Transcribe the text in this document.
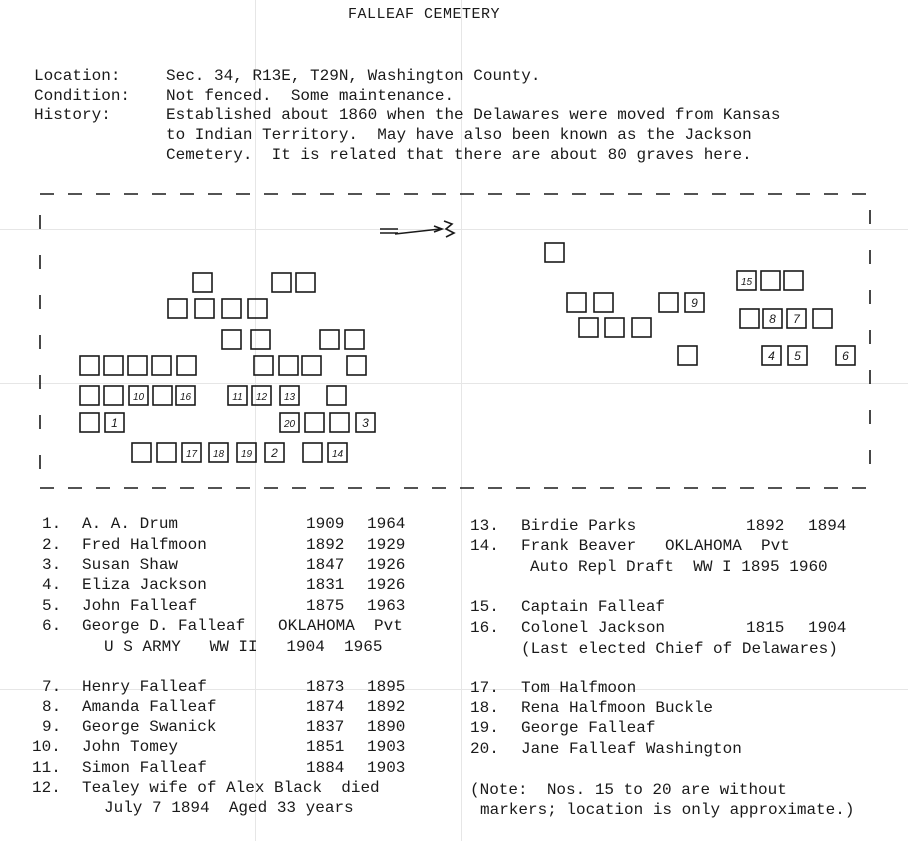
FALLEAF CEMETERY
Location:	Sec. 34, R13E, T29N, Washington County.
Condition: Not fenced.  Some maintenance.
History:	Established about 1860 when the Delawares were moved from Kansas
to Indian Territory.  May have also been known as the Jackson
Cemetery.  It is related that there are about 80 graves here.
10	16	11 12 13
1	20	3
17 18 19 2	14
15
9
8 7
4 5	6
1. A. A. Drum	1909 1964
2. Fred Halfmoon	1892 1929
3. Susan Shaw	1847 1926
4. Eliza Jackson	1831 1926
5. John Falleaf	1875 1963
6. George D. Falleaf OKLAHOMA  Pvt
U S ARMY   WW II   1904  1965
7. Henry Falleaf	1873 1895
8. Amanda Falleaf	1874 1892
9. George Swanick	1837 1890
10. John Tomey	1851 1903
11. Simon Falleaf	1884 1903
12. Tealey wife of Alex Black  died
July 7 1894  Aged 33 years
13. Birdie Parks	1892 1894
14. Frank Beaver   OKLAHOMA  Pvt
Auto Repl Draft  WW I 1895 1960
15. Captain Falleaf
16. Colonel Jackson	1815 1904
(Last elected Chief of Delawares)
17. Tom Halfmoon
18. Rena Halfmoon Buckle
19. George Falleaf
20. Jane Falleaf Washington
(Note:  Nos. 15 to 20 are without
markers; location is only approximate.)
